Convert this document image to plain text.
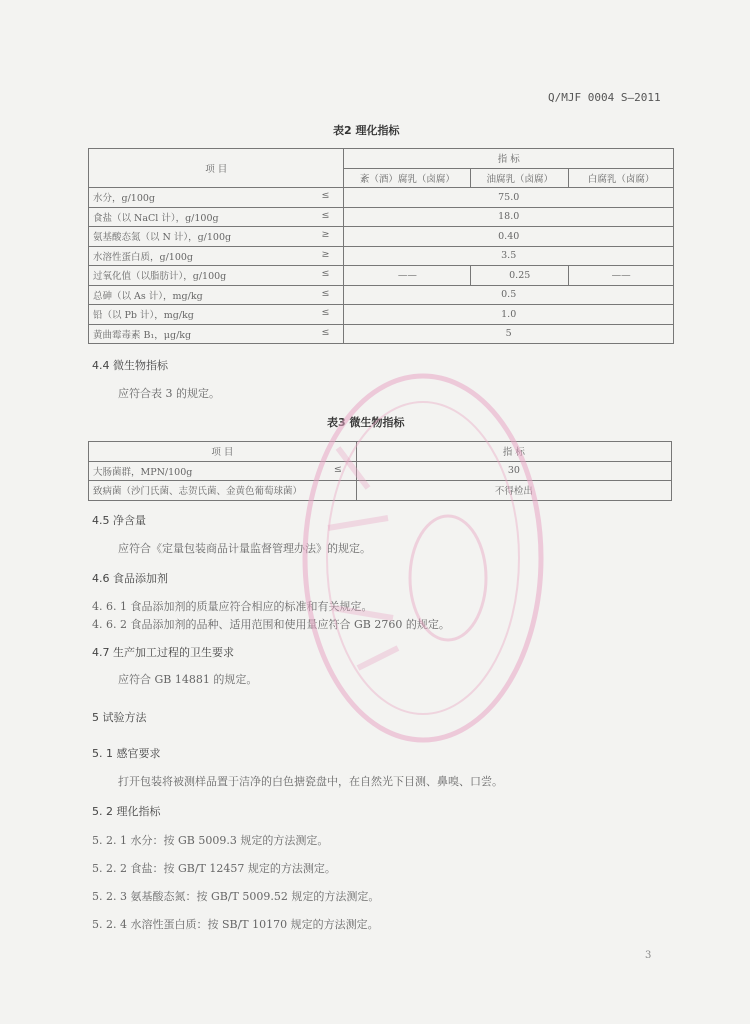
Q/MJF 0004 S—2011
表2 理化指标
项 目	指 标		
	紊（酒）腐乳（卤腐）	油腐乳（卤腐）	白腐乳（卤腐）
水分，g/100g ≤	75.0		
食盐（以 NaCl 计），g/100g ≤	18.0		
氨基酸态氮（以 N 计），g/100g ≥	0.40		
水溶性蛋白质，g/100g ≥	3.5		
过氧化值（以脂肪计），g/100g ≤	——	0.25	——
总砷（以 As 计），mg/kg ≤	0.5		
铅（以 Pb 计），mg/kg ≤	1.0		
黄曲霉毒素 B₁，μg/kg ≤	5		
4.4 微生物指标
应符合表 3 的规定。
表3 微生物指标
项 目	指 标
大肠菌群，MPN/100g ≤	30
致病菌（沙门氏菌、志贺氏菌、金黄色葡萄球菌）	不得检出
4.5 净含量
应符合《定量包装商品计量监督管理办法》的规定。
4.6 食品添加剂
4. 6. 1 食品添加剂的质量应符合相应的标准和有关规定。
4. 6. 2 食品添加剂的品种、适用范围和使用量应符合 GB 2760 的规定。
4.7 生产加工过程的卫生要求
应符合 GB 14881 的规定。
5 试验方法
5. 1 感官要求
打开包装将被测样品置于洁净的白色搪瓷盘中，在自然光下目测、鼻嗅、口尝。
5. 2 理化指标
5. 2. 1 水分：按 GB 5009.3 规定的方法测定。
5. 2. 2 食盐：按 GB/T 12457 规定的方法测定。
5. 2. 3 氨基酸态氮：按 GB/T 5009.52 规定的方法测定。
5. 2. 4 水溶性蛋白质：按 SB/T 10170 规定的方法测定。
3
